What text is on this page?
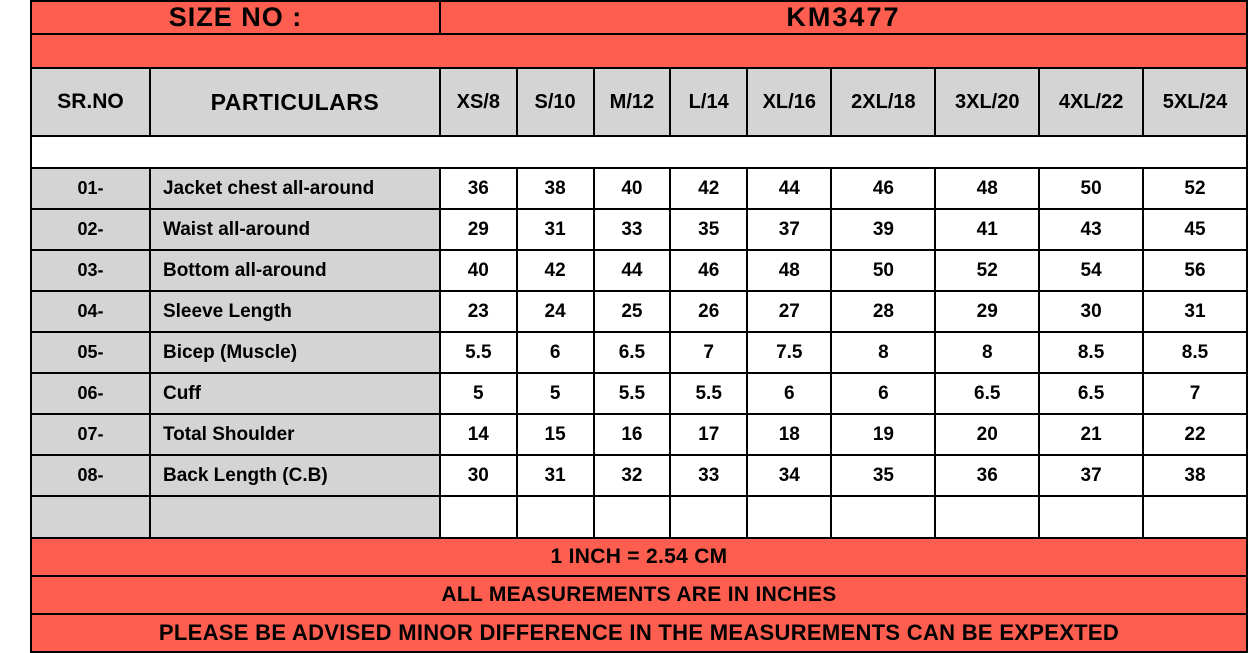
SIZE NO :		KM3477								

SR.NO	PARTICULARS	XS/8	S/10	M/12	L/14	XL/16	2XL/18	3XL/20	4XL/22	5XL/24

01-	Jacket chest all-around	36	38	40	42	44	46	48	50	52
02-	Waist all-around	29	31	33	35	37	39	41	43	45
03-	Bottom all-around	40	42	44	46	48	50	52	54	56
04-	Sleeve Length	23	24	25	26	27	28	29	30	31
05-	Bicep (Muscle)	5.5	6	6.5	7	7.5	8	8	8.5	8.5
06-	Cuff	5	5	5.5	5.5	6	6	6.5	6.5	7
07-	Total Shoulder	14	15	16	17	18	19	20	21	22
08-	Back Length (C.B)	30	31	32	33	34	35	36	37	38

1 INCH = 2.54 CM										
ALL MEASUREMENTS ARE IN INCHES										
PLEASE BE ADVISED MINOR DIFFERENCE IN THE MEASUREMENTS CAN BE EXPEXTED										
